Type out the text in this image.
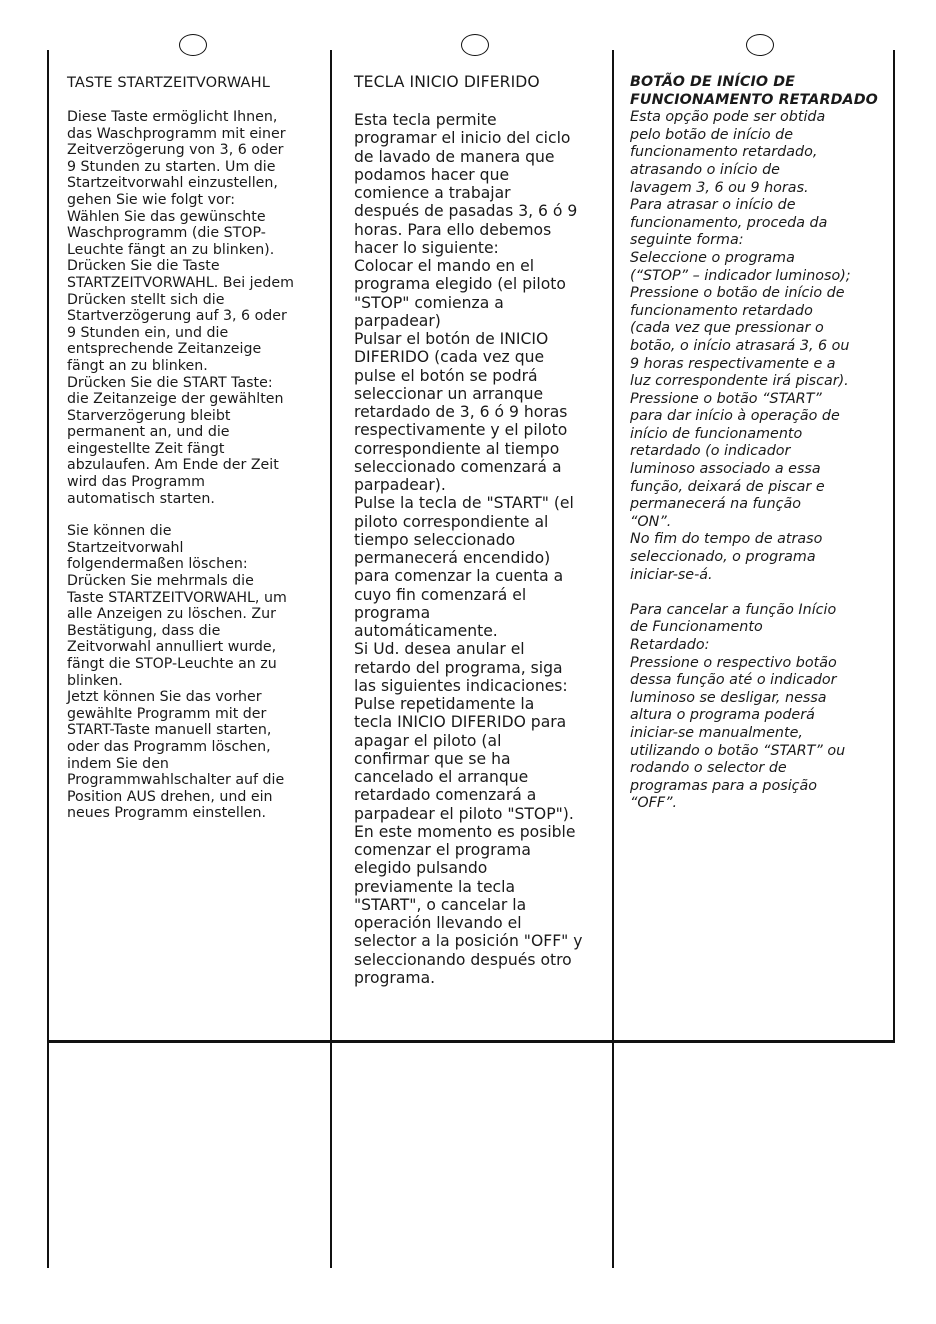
TASTE STARTZEITVORWAHL

Diese Taste ermöglicht Ihnen,
das Waschprogramm mit einer
Zeitverzögerung von 3, 6 oder
9 Stunden zu starten. Um die
Startzeitvorwahl einzustellen,
gehen Sie wie folgt vor:
Wählen Sie das gewünschte
Waschprogramm (die STOP-
Leuchte fängt an zu blinken).
Drücken Sie die Taste
STARTZEITVORWAHL. Bei jedem
Drücken stellt sich die
Startverzögerung auf 3, 6 oder
9 Stunden ein, und die
entsprechende Zeitanzeige
fängt an zu blinken.
Drücken Sie die START Taste:
die Zeitanzeige der gewählten
Starverzögerung bleibt
permanent an, und die
eingestellte Zeit fängt
abzulaufen. Am Ende der Zeit
wird das Programm
automatisch starten.

Sie können die
Startzeitvorwahl
folgendermaßen löschen:
Drücken Sie mehrmals die
Taste STARTZEITVORWAHL, um
alle Anzeigen zu löschen. Zur
Bestätigung, dass die
Zeitvorwahl annulliert wurde,
fängt die STOP-Leuchte an zu
blinken.
Jetzt können Sie das vorher
gewählte Programm mit der
START-Taste manuell starten,
oder das Programm löschen,
indem Sie den
Programmwahlschalter auf die
Position AUS drehen, und ein
neues Programm einstellen.

TECLA INICIO DIFERIDO

Esta tecla permite
programar el inicio del ciclo
de lavado de manera que
podamos hacer que
comience a trabajar
después de pasadas 3, 6 ó 9
horas. Para ello debemos
hacer lo siguiente:
Colocar el mando en el
programa elegido (el piloto
"STOP" comienza a
parpadear)
Pulsar el botón de INICIO
DIFERIDO (cada vez que
pulse el botón se podrá
seleccionar un arranque
retardado de 3, 6 ó 9 horas
respectivamente y el piloto
correspondiente al tiempo
seleccionado comenzará a
parpadear).
Pulse la tecla de "START" (el
piloto correspondiente al
tiempo seleccionado
permanecerá encendido)
para comenzar la cuenta a
cuyo fin comenzará el
programa
automáticamente.
Si Ud. desea anular el
retardo del programa, siga
las siguientes indicaciones:
Pulse repetidamente la
tecla INICIO DIFERIDO para
apagar el piloto (al
confirmar que se ha
cancelado el arranque
retardado comenzará a
parpadear el piloto "STOP").
En este momento es posible
comenzar el programa
elegido pulsando
previamente la tecla
"START", o cancelar la
operación llevando el
selector a la posición "OFF" y
seleccionando después otro
programa.

BOTÃO DE INÍCIO DE
FUNCIONAMENTO RETARDADO

Esta opção pode ser obtida
pelo botão de início de
funcionamento retardado,
atrasando o início de
lavagem 3, 6 ou 9 horas.
Para atrasar o início de
funcionamento, proceda da
seguinte forma:
Seleccione o programa
(“STOP” – indicador luminoso);
Pressione o botão de início de
funcionamento retardado
(cada vez que pressionar o
botão, o início atrasará 3, 6 ou
9 horas respectivamente e a
luz correspondente irá piscar).
Pressione o botão “START”
para dar início à operação de
início de funcionamento
retardado (o indicador
luminoso associado a essa
função, deixará de piscar e
permanecerá na função
“ON”.
No fim do tempo de atraso
seleccionado, o programa
iniciar-se-á.

Para cancelar a função Início
de Funcionamento
Retardado:
Pressione o respectivo botão
dessa função até o indicador
luminoso se desligar, nessa
altura o programa poderá
iniciar-se manualmente,
utilizando o botão “START” ou
rodando o selector de
programas para a posição
“OFF”.
